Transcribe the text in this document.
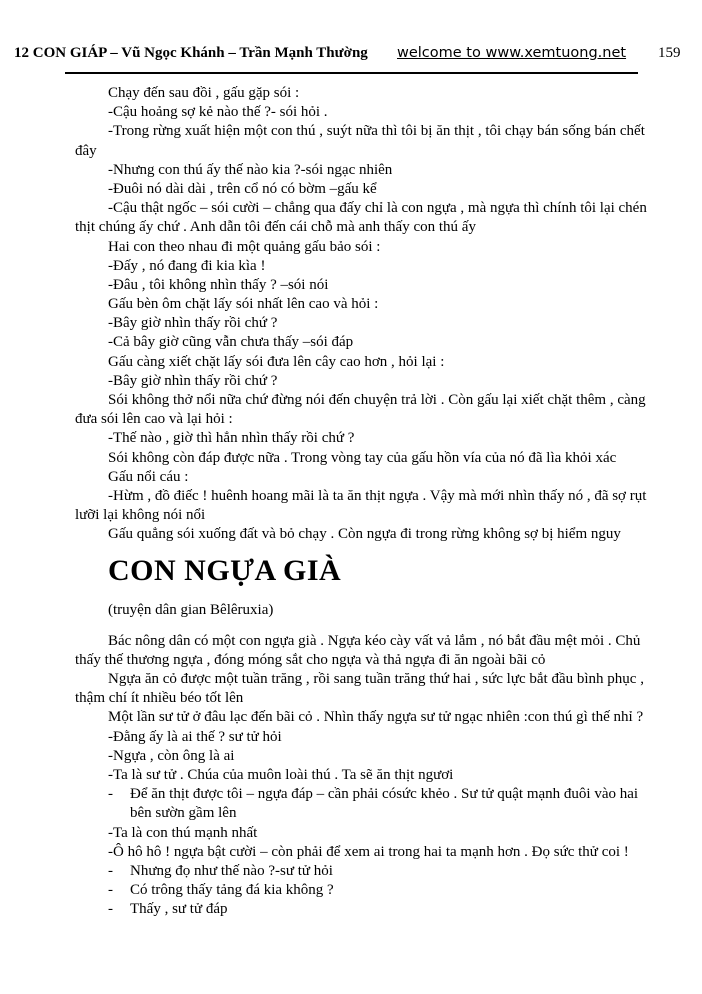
12 CON GIÁP – Vũ Ngọc Khánh – Trần Mạnh Thường welcome to www.xemtuong.net 159
Chạy đến sau đồi , gấu gặp sói :
-Cậu hoảng sợ kẻ nào thế ?- sói hỏi .
-Trong rừng xuất hiện một con thú , suýt nữa thì tôi bị ăn thịt , tôi chạy bán sống bán chết
đây
-Nhưng con thú ấy thế nào kia ?-sói ngạc nhiên
-Đuôi nó dài dài , trên cổ nó có bờm –gấu kể
-Cậu thật ngốc – sói cười – chẳng qua đấy chỉ là con ngựa , mà ngựa thì chính tôi lại chén
thịt chúng ấy chứ . Anh dẫn tôi đến cái chỗ mà anh thấy con thú ấy
Hai con theo nhau đi một quảng gấu bảo sói :
-Đấy , nó đang đi kia kìa !
-Đâu , tôi không nhìn thấy ? –sói nói
Gấu bèn ôm chặt lấy sói nhất lên cao và hỏi :
-Bây giờ nhìn thấy rồi chứ ?
-Cả bây giờ cũng vẫn chưa thấy –sói đáp
Gấu càng xiết chặt lấy sói đưa lên cây cao hơn , hỏi lại :
-Bây giờ nhìn thấy rồi chứ ?
Sói không thở nổi nữa chứ đừng nói đến chuyện trả lời . Còn gấu lại xiết chặt thêm , càng
đưa sói lên cao và lại hỏi :
-Thế nào , giờ thì hẳn nhìn thấy rồi chứ ?
Sói không còn đáp được nữa . Trong vòng tay của gấu hồn vía của nó đã lìa khỏi xác
Gấu nổi cáu :
-Hừm , đồ điếc ! huênh hoang mãi là ta ăn thịt ngựa . Vậy mà mới nhìn thấy nó , đã sợ rụt
lưỡi lại không nói nổi
Gấu quẳng sói xuống đất và bỏ chạy . Còn ngựa đi trong rừng không sợ bị hiểm nguy
CON NGỰA GIÀ
(truyện dân gian Bêlêruxia)
Bác nông dân có một con ngựa già . Ngựa kéo cày vất vả lắm , nó bắt đầu mệt mỏi . Chủ
thấy thế thương ngựa , đóng móng sắt cho ngựa và thả ngựa đi ăn ngoài bãi cỏ
Ngựa ăn cỏ được một tuần trăng , rồi sang tuần trăng thứ hai , sức lực bắt đầu bình phục ,
thậm chí ít nhiều béo tốt lên
Một lần sư tử ở đâu lạc đến bãi cỏ . Nhìn thấy ngựa sư tử ngạc nhiên :con thú gì thế nhỉ ?
-Đằng ấy là ai thế ? sư tử hỏi
-Ngựa , còn ông là ai
-Ta là sư tử . Chúa của muôn loài thú . Ta sẽ ăn thịt ngươi
-	Để ăn thịt được tôi – ngựa đáp – cần phải cósức khẻo . Sư tử quật mạnh đuôi vào hai
bên sườn gầm lên
-Ta là con thú mạnh nhất
-Ô hô hô ! ngựa bật cười – còn phải để xem ai trong hai ta mạnh hơn . Đọ sức thử coi !
-	Nhưng đọ như thế nào ?-sư tử hỏi
-	Có trông thấy tảng đá kia không ?
-	Thấy , sư tử đáp
